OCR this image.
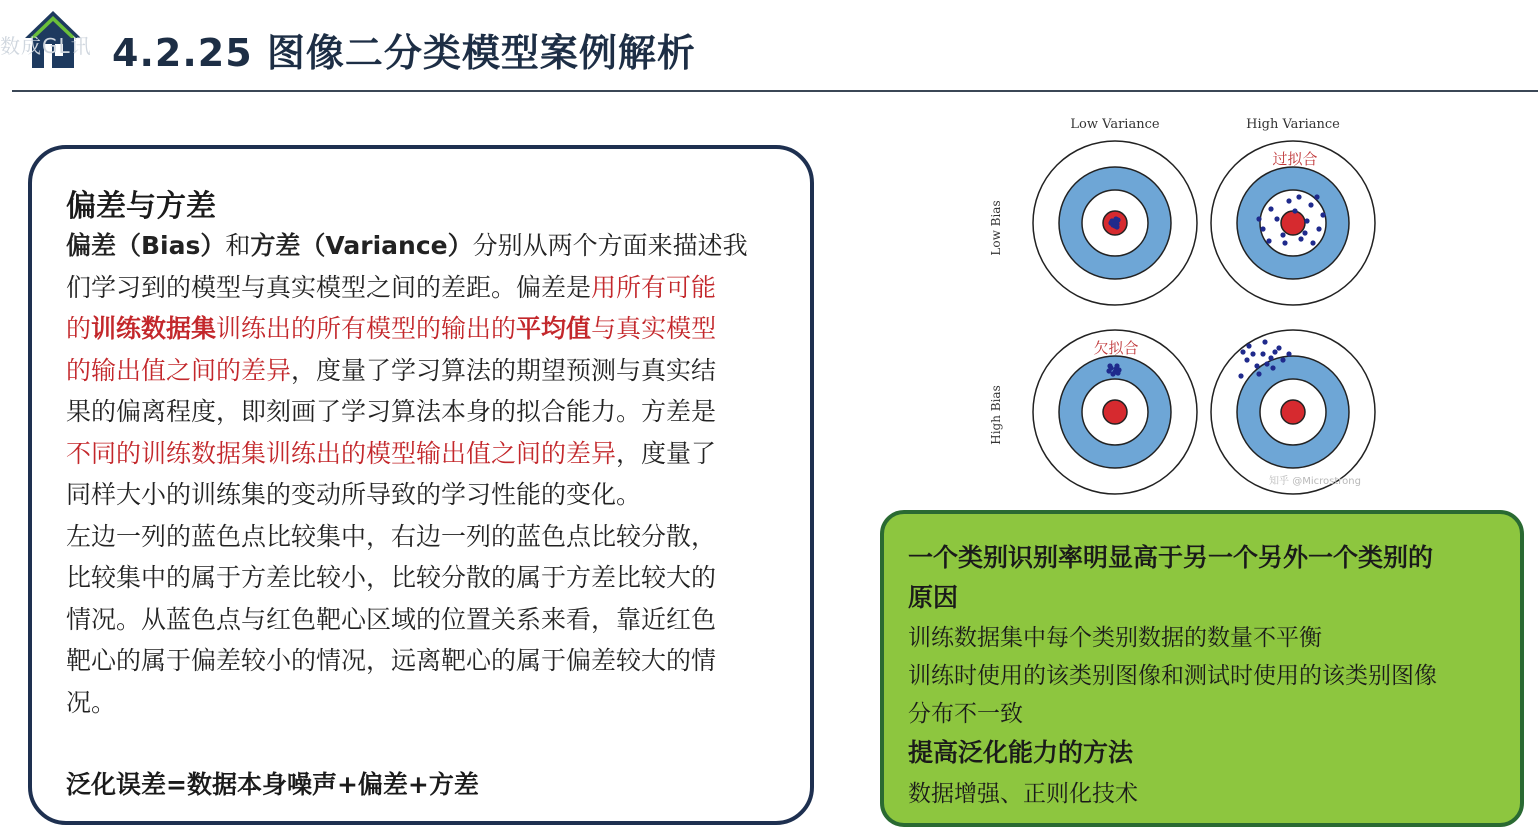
数成GL讯 4.2.25 图像二分类模型案例解析
偏差与方差
偏差（Bias）和方差（Variance）分别从两个方面来描述我
们学习到的模型与真实模型之间的差距。偏差是用所有可能
的训练数据集训练出的所有模型的输出的平均值与真实模型
的输出值之间的差异，度量了学习算法的期望预测与真实结
果的偏离程度，即刻画了学习算法本身的拟合能力。方差是
不同的训练数据集训练出的模型输出值之间的差异，度量了
同样大小的训练集的变动所导致的学习性能的变化。
左边一列的蓝色点比较集中，右边一列的蓝色点比较分散，
比较集中的属于方差比较小，比较分散的属于方差比较大的
情况。从蓝色点与红色靶心区域的位置关系来看，靠近红色
靶心的属于偏差较小的情况，远离靶心的属于偏差较大的情
况。
泛化误差=数据本身噪声+偏差+方差
Low Variance	High Variance
Low Bias
High Bias
过拟合
欠拟合
知乎 @Microstrong
一个类别识别率明显高于另一个另外一个类别的
原因
训练数据集中每个类别数据的数量不平衡
训练时使用的该类别图像和测试时使用的该类别图像
分布不一致
提高泛化能力的方法
数据增强、正则化技术
